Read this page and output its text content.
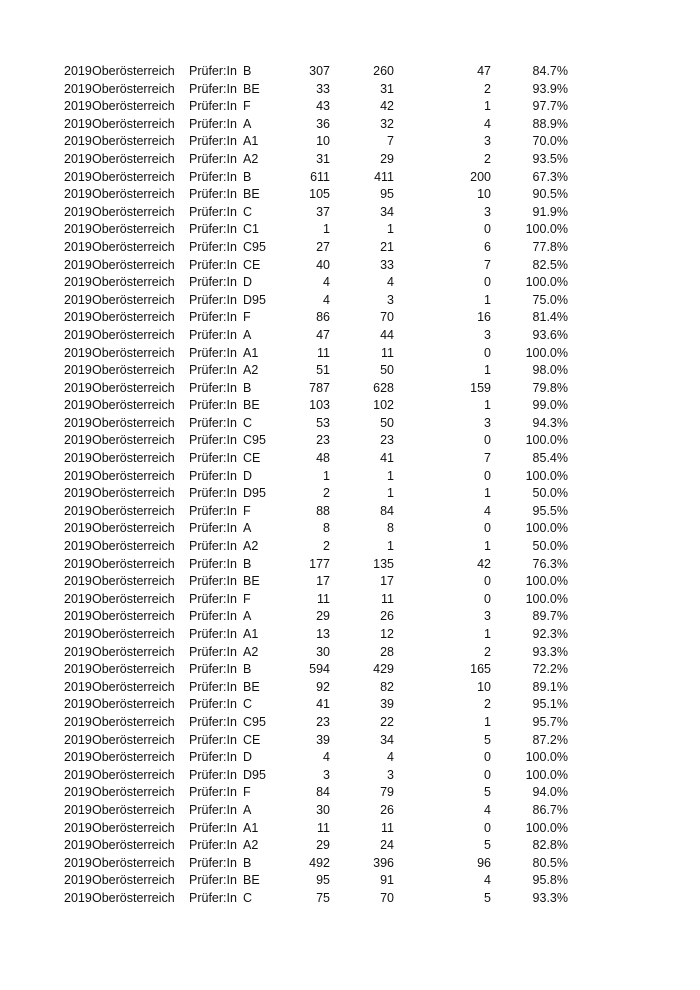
2019 Oberösterreich Prüfer:In B	307	260	47	84.7%
2019 Oberösterreich Prüfer:In BE	33	31	2	93.9%
2019 Oberösterreich Prüfer:In F	43	42	1	97.7%
2019 Oberösterreich Prüfer:In A	36	32	4	88.9%
2019 Oberösterreich Prüfer:In A1	10	7	3	70.0%
2019 Oberösterreich Prüfer:In A2	31	29	2	93.5%
2019 Oberösterreich Prüfer:In B	611	411	200	67.3%
2019 Oberösterreich Prüfer:In BE	105	95	10	90.5%
2019 Oberösterreich Prüfer:In C	37	34	3	91.9%
2019 Oberösterreich Prüfer:In C1	1	1	0	100.0%
2019 Oberösterreich Prüfer:In C95	27	21	6	77.8%
2019 Oberösterreich Prüfer:In CE	40	33	7	82.5%
2019 Oberösterreich Prüfer:In D	4	4	0	100.0%
2019 Oberösterreich Prüfer:In D95	4	3	1	75.0%
2019 Oberösterreich Prüfer:In F	86	70	16	81.4%
2019 Oberösterreich Prüfer:In A	47	44	3	93.6%
2019 Oberösterreich Prüfer:In A1	11	11	0	100.0%
2019 Oberösterreich Prüfer:In A2	51	50	1	98.0%
2019 Oberösterreich Prüfer:In B	787	628	159	79.8%
2019 Oberösterreich Prüfer:In BE	103	102	1	99.0%
2019 Oberösterreich Prüfer:In C	53	50	3	94.3%
2019 Oberösterreich Prüfer:In C95	23	23	0	100.0%
2019 Oberösterreich Prüfer:In CE	48	41	7	85.4%
2019 Oberösterreich Prüfer:In D	1	1	0	100.0%
2019 Oberösterreich Prüfer:In D95	2	1	1	50.0%
2019 Oberösterreich Prüfer:In F	88	84	4	95.5%
2019 Oberösterreich Prüfer:In A	8	8	0	100.0%
2019 Oberösterreich Prüfer:In A2	2	1	1	50.0%
2019 Oberösterreich Prüfer:In B	177	135	42	76.3%
2019 Oberösterreich Prüfer:In BE	17	17	0	100.0%
2019 Oberösterreich Prüfer:In F	11	11	0	100.0%
2019 Oberösterreich Prüfer:In A	29	26	3	89.7%
2019 Oberösterreich Prüfer:In A1	13	12	1	92.3%
2019 Oberösterreich Prüfer:In A2	30	28	2	93.3%
2019 Oberösterreich Prüfer:In B	594	429	165	72.2%
2019 Oberösterreich Prüfer:In BE	92	82	10	89.1%
2019 Oberösterreich Prüfer:In C	41	39	2	95.1%
2019 Oberösterreich Prüfer:In C95	23	22	1	95.7%
2019 Oberösterreich Prüfer:In CE	39	34	5	87.2%
2019 Oberösterreich Prüfer:In D	4	4	0	100.0%
2019 Oberösterreich Prüfer:In D95	3	3	0	100.0%
2019 Oberösterreich Prüfer:In F	84	79	5	94.0%
2019 Oberösterreich Prüfer:In A	30	26	4	86.7%
2019 Oberösterreich Prüfer:In A1	11	11	0	100.0%
2019 Oberösterreich Prüfer:In A2	29	24	5	82.8%
2019 Oberösterreich Prüfer:In B	492	396	96	80.5%
2019 Oberösterreich Prüfer:In BE	95	91	4	95.8%
2019 Oberösterreich Prüfer:In C	75	70	5	93.3%
